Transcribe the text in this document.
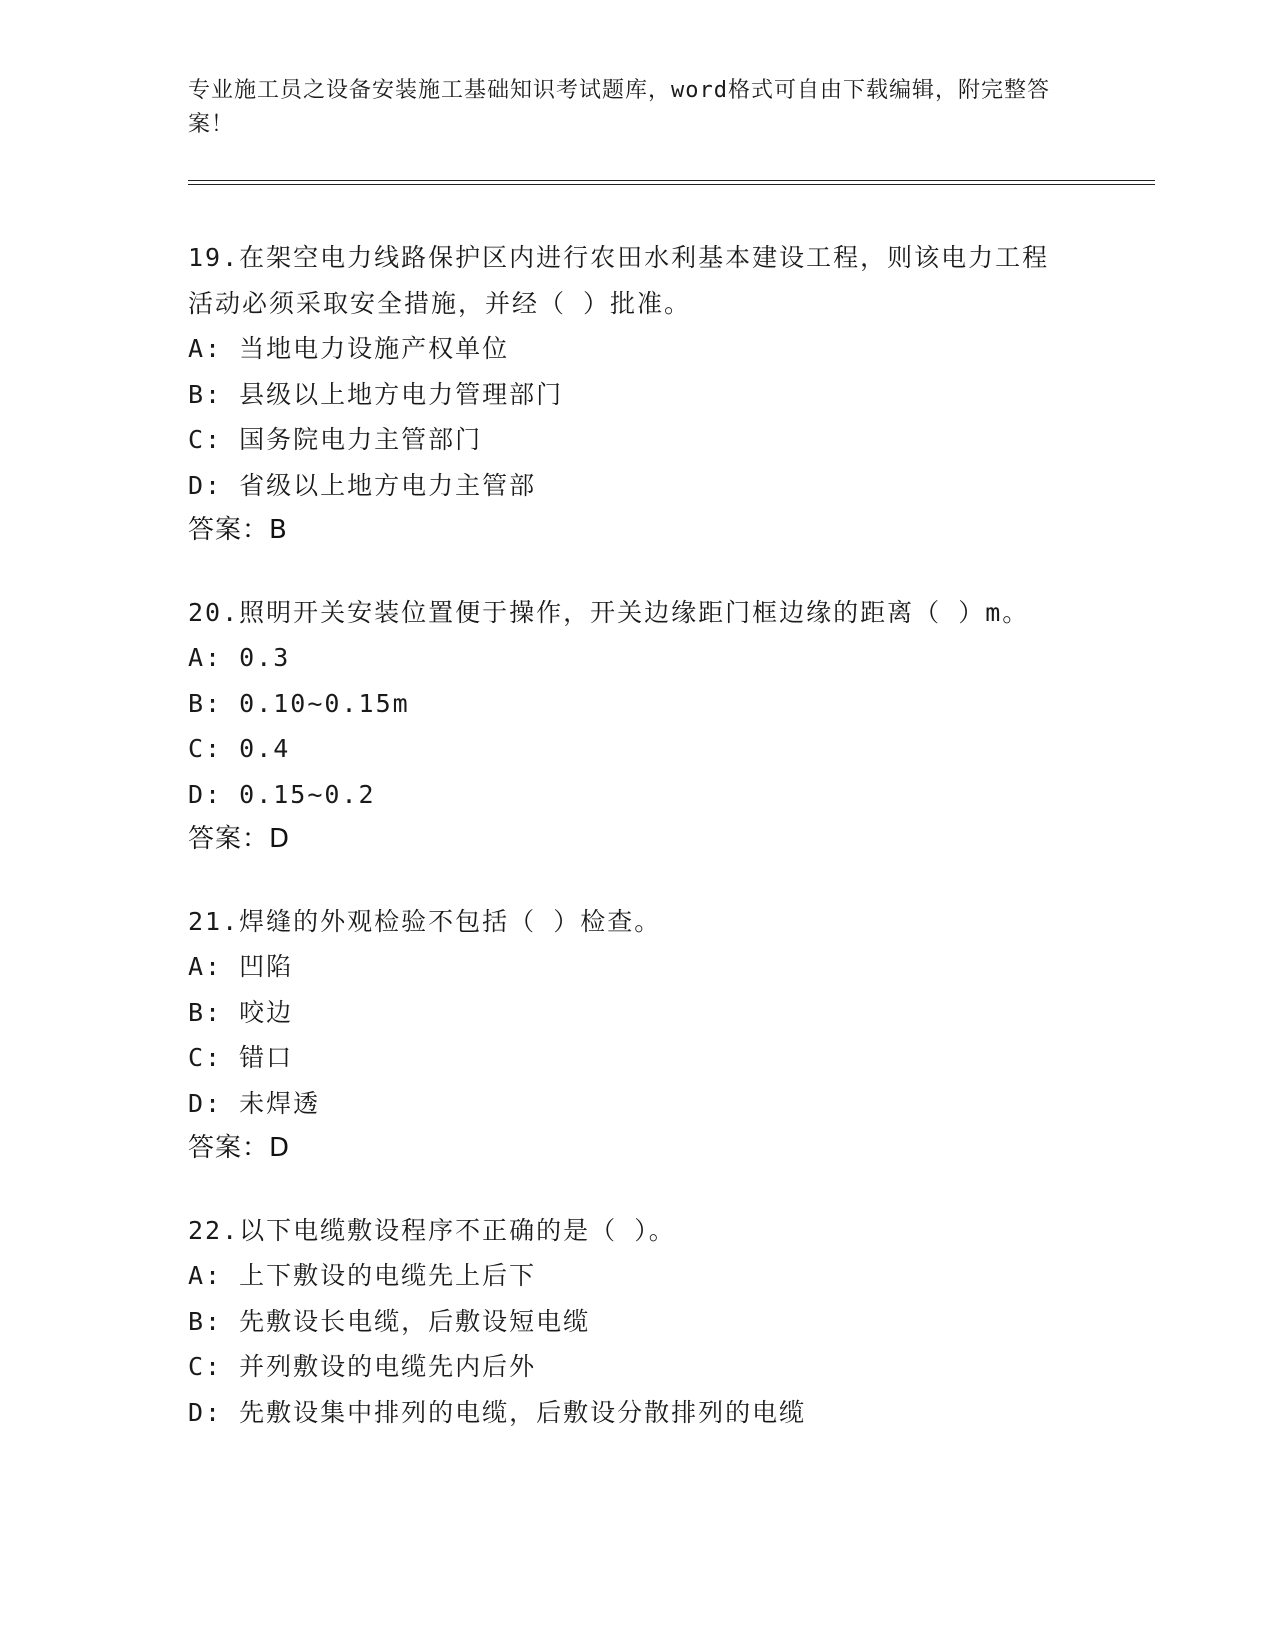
专业施工员之设备安装施工基础知识考试题库，word格式可自由下载编辑，附完整答案！
19.在架空电力线路保护区内进行农田水利基本建设工程，则该电力工程活动必须采取安全措施，并经（ ）批准。
A: 当地电力设施产权单位
B: 县级以上地方电力管理部门
C: 国务院电力主管部门
D: 省级以上地方电力主管部
答案：B
20.照明开关安装位置便于操作，开关边缘距门框边缘的距离（ ）m。
A: 0.3
B: 0.10~0.15m
C: 0.4
D: 0.15~0.2
答案：D
21.焊缝的外观检验不包括（ ）检查。
A: 凹陷
B: 咬边
C: 错口
D: 未焊透
答案：D
22.以下电缆敷设程序不正确的是（ ）。
A: 上下敷设的电缆先上后下
B: 先敷设长电缆，后敷设短电缆
C: 并列敷设的电缆先内后外
D: 先敷设集中排列的电缆，后敷设分散排列的电缆
